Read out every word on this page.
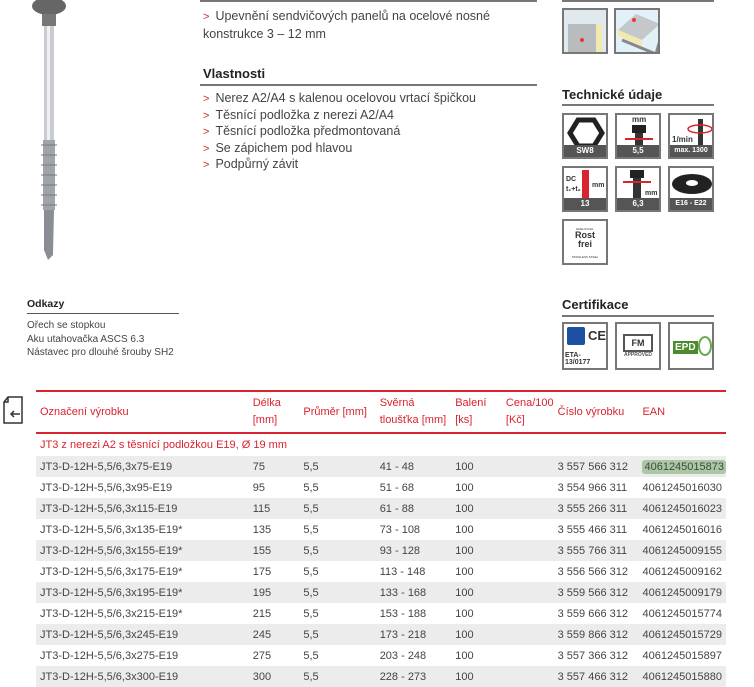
> Upevnění sendvičových panelů na ocelové nosné konstrukce 3 – 12 mm
Vlastnosti
> Nerez A2/A4 s kalenou ocelovou vrtací špičkou
> Těsnící podložka z nerezi A2/A4
> Těsnící podložka předmontovaná
> Se zápichem pod hlavou
> Podpůrný závit
Odkazy
Ořech se stopkou
Aku utahovačka ASCS 6.3
Nástavec pro dlouhé šrouby SH2
Technické údaje
SW8
mm
5,5
1/min
max. 1300
DC t₁+t₂
mm
13
mm
6,3	E16 - E22
EDELSTAHL
Rost
frei
STAINLESS STEEL
Certifikace
CE
ETA-13/0177
FM
APPROVED
EPD
Označení výrobku	Délka [mm]	Průměr [mm]	Svěrná tloušťka [mm]	Balení [ks]	Cena/100 [Kč]	Číslo výrobku	EAN
JT3 z nerezi A2 s těsnící podložkou E19, Ø 19 mm							
JT3-D-12H-5,5/6,3x75-E19	75	5,5	41 - 48	100		3 557 566 312	4061245015873
JT3-D-12H-5,5/6,3x95-E19	95	5,5	51 - 68	100		3 554 966 311	4061245016030
JT3-D-12H-5,5/6,3x115-E19	115	5,5	61 - 88	100		3 555 266 311	4061245016023
JT3-D-12H-5,5/6,3x135-E19*	135	5,5	73 - 108	100		3 555 466 311	4061245016016
JT3-D-12H-5,5/6,3x155-E19*	155	5,5	93 - 128	100		3 555 766 311	4061245009155
JT3-D-12H-5,5/6,3x175-E19*	175	5,5	113 - 148	100		3 556 566 312	4061245009162
JT3-D-12H-5,5/6,3x195-E19*	195	5,5	133 - 168	100		3 559 566 312	4061245009179
JT3-D-12H-5,5/6,3x215-E19*	215	5,5	153 - 188	100		3 559 666 312	4061245015774
JT3-D-12H-5,5/6,3x245-E19	245	5,5	173 - 218	100		3 559 866 312	4061245015729
JT3-D-12H-5,5/6,3x275-E19	275	5,5	203 - 248	100		3 557 366 312	4061245015897
JT3-D-12H-5,5/6,3x300-E19	300	5,5	228 - 273	100		3 557 466 312	4061245015880
